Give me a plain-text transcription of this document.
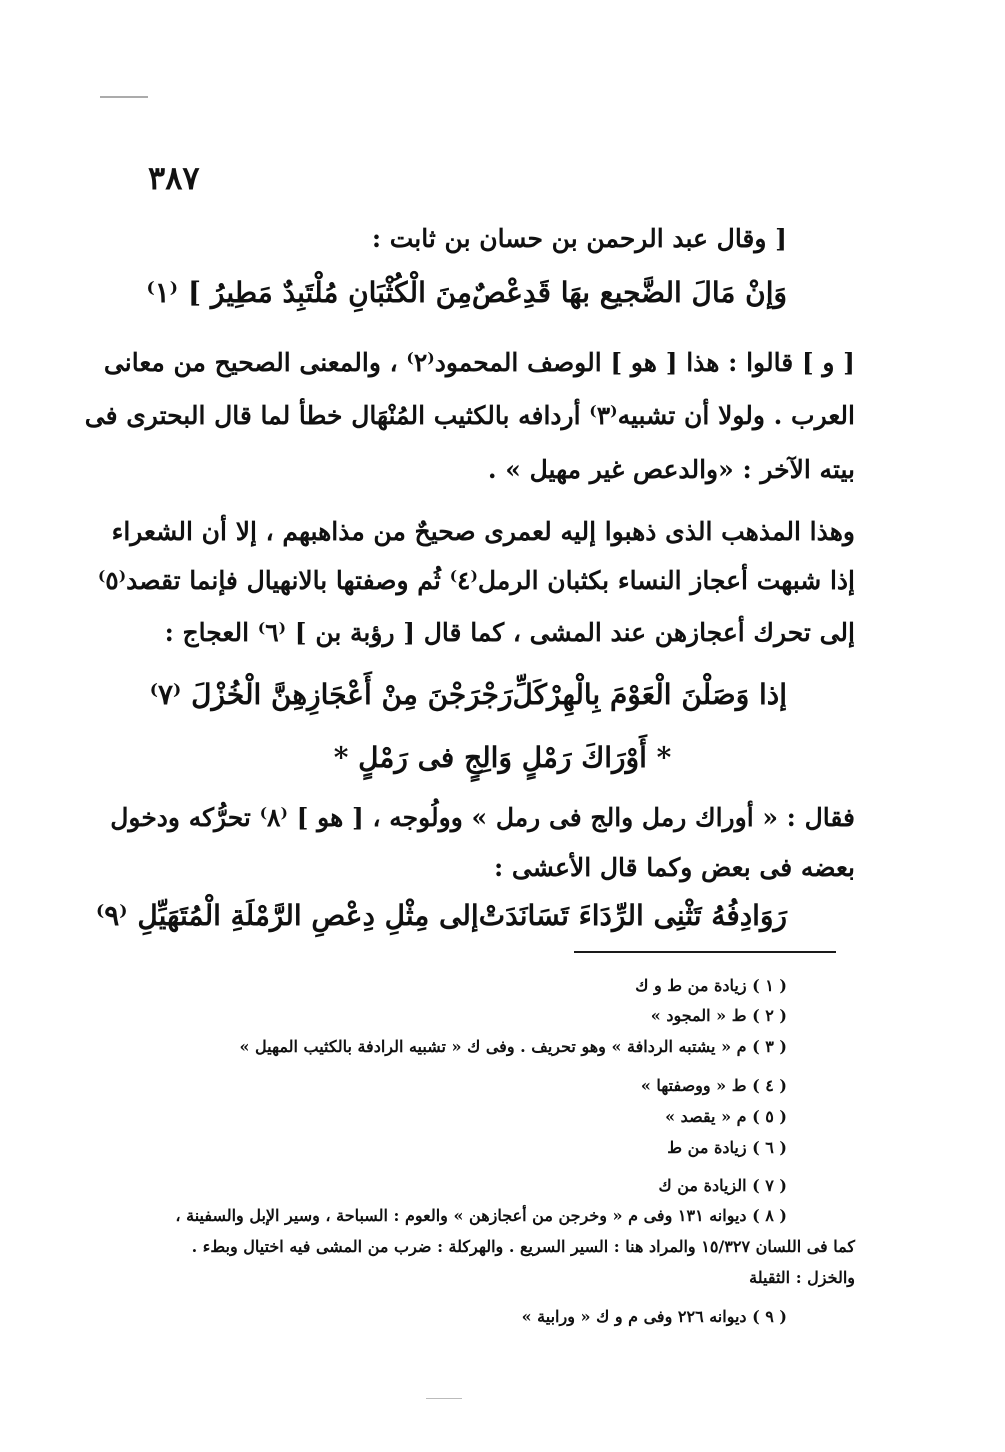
٣٨٧
[ وقال عبد الرحمن بن حسان بن ثابت :
وَإنْ مَالَ الضَّجيع بهَا قَدِعْصٌ
مِنَ الْكُثْبَانِ مُلْتَبِدٌ مَطِيرُ ] ⁽١⁾
[ و ] قالوا : هذا [ هو ] الوصف المحمود⁽٢⁾ ، والمعنى الصحيح من معانى
العرب . ولولا أن تشبيه⁽٣⁾ أردافه بالكثيب المُنْهَال خطأ لما قال البحترى فى
بيته الآخر : «والدعص غير مهيل » .
وهذا المذهب الذى ذهبوا إليه لعمرى صحيحٌ من مذاهبهم ، إلا أن الشعراء
إذا شبهت أعجاز النساء بكثبان الرمل⁽٤⁾ ثُم وصفتها بالانهيال فإنما تقصد⁽٥⁾
إلى تحرك أعجازهن عند المشى ، كما قال [ رؤبة بن ] ⁽٦⁾ العجاج :
إذا وَصَلْنَ الْعَوْمَ بِالْهِرْكَلِّ
رَجْرَجْنَ مِنْ أَعْجَازِهِنَّ الْخُزْلَ ⁽٧⁾
* أَوْرَاكَ رَمْلٍ وَالِجٍ فى رَمْلٍ *
فقال : « أوراك رمل والج فى رمل » وولُوجه ، [ هو ] ⁽٨⁾ تحرُّكه ودخول
بعضه فى بعض وكما قال الأعشى :
رَوَادِفُهُ تَثْنِى الرِّدَاءَ تَسَانَدَتْ
إلى مِثْلِ دِعْصِ الرَّمْلَةِ الْمُتَهَيِّلِ ⁽٩⁾
( ١ ) زيادة من ط و ك
( ٢ ) ط « المجود »
( ٣ ) م « يشتبه الردافة » وهو تحريف . وفى ك « تشبيه الرادفة بالكثيب المهيل »
( ٤ ) ط « ووصفتها »
( ٥ ) م « يقصد »
( ٦ ) زيادة من ط
( ٧ ) الزيادة من ك
( ٨ ) ديوانه ١٣١ وفى م « وخرجن من أعجازهن » والعوم : السباحة ، وسير الإبل والسفينة ،
كما فى اللسان ١٥/٣٢٧ والمراد هنا : السير السريع . والهركلة : ضرب من المشى فيه اختيال وبطء .
والخزل : الثقيلة
( ٩ ) ديوانه ٢٢٦ وفى م و ك « ورابية »
